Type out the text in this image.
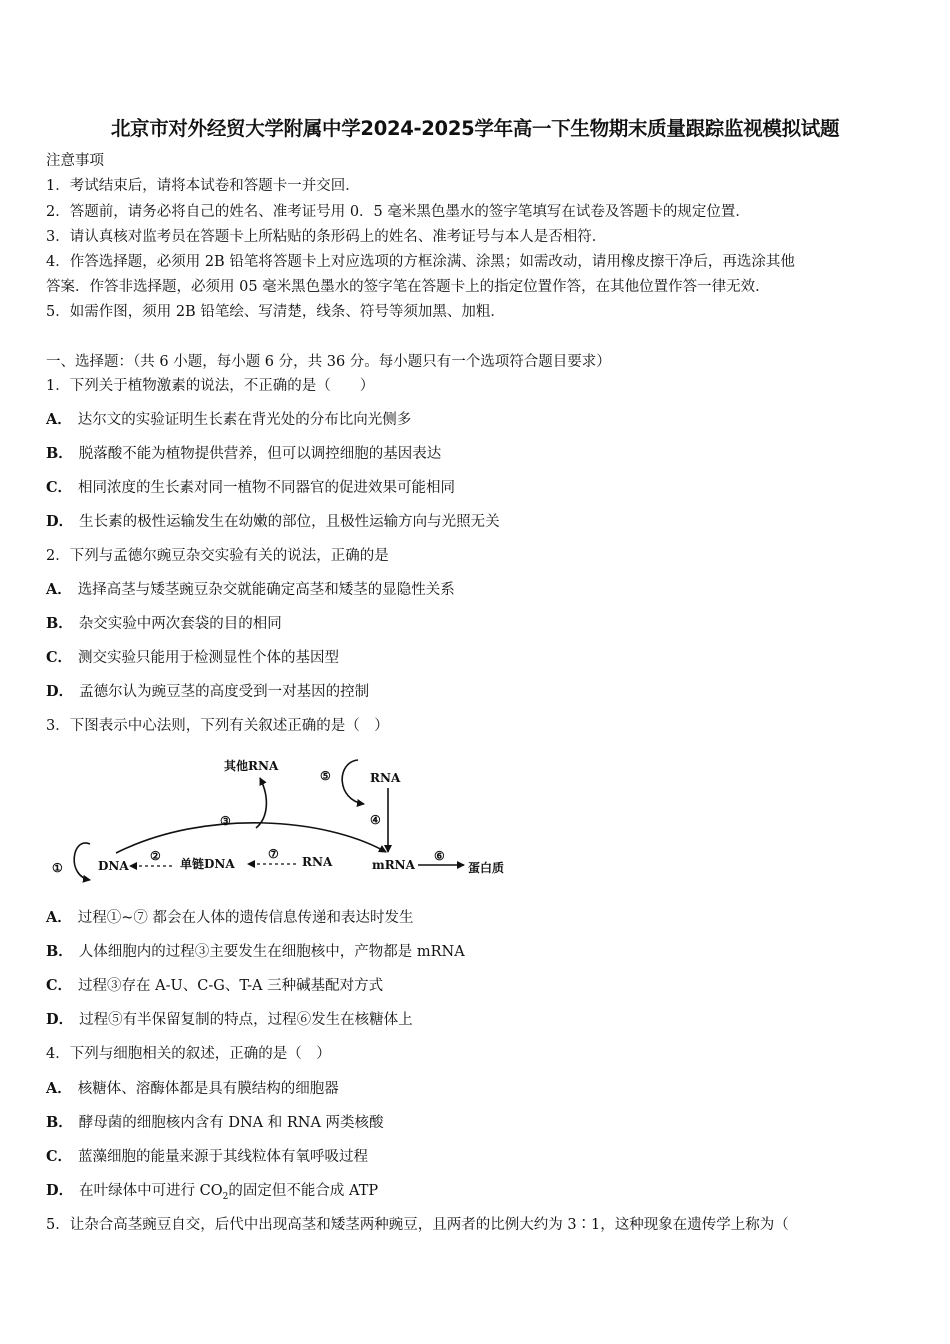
北京市对外经贸大学附属中学2024-2025学年高一下生物期末质量跟踪监视模拟试题
注意事项
1．考试结束后，请将本试卷和答题卡一并交回．
2．答题前，请务必将自己的姓名、准考证号用 0．5 毫米黑色墨水的签字笔填写在试卷及答题卡的规定位置．
3．请认真核对监考员在答题卡上所粘贴的条形码上的姓名、准考证号与本人是否相符．
4．作答选择题，必须用 2B 铅笔将答题卡上对应选项的方框涂满、涂黑；如需改动，请用橡皮擦干净后，再选涂其他
答案．作答非选择题，必须用 05 毫米黑色墨水的签字笔在答题卡上的指定位置作答，在其他位置作答一律无效．
5．如需作图，须用 2B 铅笔绘、写清楚，线条、符号等须加黑、加粗．
一、选择题：（共 6 小题，每小题 6 分，共 36 分。每小题只有一个选项符合题目要求）
1．下列关于植物激素的说法，不正确的是（　　）
A． 达尔文的实验证明生长素在背光处的分布比向光侧多
B． 脱落酸不能为植物提供营养，但可以调控细胞的基因表达
C． 相同浓度的生长素对同一植物不同器官的促进效果可能相同
D． 生长素的极性运输发生在幼嫩的部位，且极性运输方向与光照无关
2．下列与孟德尔豌豆杂交实验有关的说法，正确的是
A． 选择高茎与矮茎豌豆杂交就能确定高茎和矮茎的显隐性关系
B． 杂交实验中两次套袋的目的相同
C． 测交实验只能用于检测显性个体的基因型
D． 孟德尔认为豌豆茎的高度受到一对基因的控制
3．下图表示中心法则，下列有关叙述正确的是（　）
①	DNA
③
其他RNA
⑤	RNA
④
②
单链DNA
⑦
RNA	mRNA
⑥
蛋白质
A． 过程①~⑦ 都会在人体的遗传信息传递和表达时发生
B． 人体细胞内的过程③主要发生在细胞核中，产物都是 mRNA
C． 过程③存在 A-U、C-G、T-A 三种碱基配对方式
D． 过程⑤有半保留复制的特点，过程⑥发生在核糖体上
4．下列与细胞相关的叙述，正确的是（　）
A． 核糖体、溶酶体都是具有膜结构的细胞器
B． 酵母菌的细胞核内含有 DNA 和 RNA 两类核酸
C． 蓝藻细胞的能量来源于其线粒体有氧呼吸过程
D． 在叶绿体中可进行 $CO_2$的固定但不能合成 ATP
5．让杂合高茎豌豆自交，后代中出现高茎和矮茎两种豌豆，且两者的比例大约为 3∶1，这种现象在遗传学上称为（
